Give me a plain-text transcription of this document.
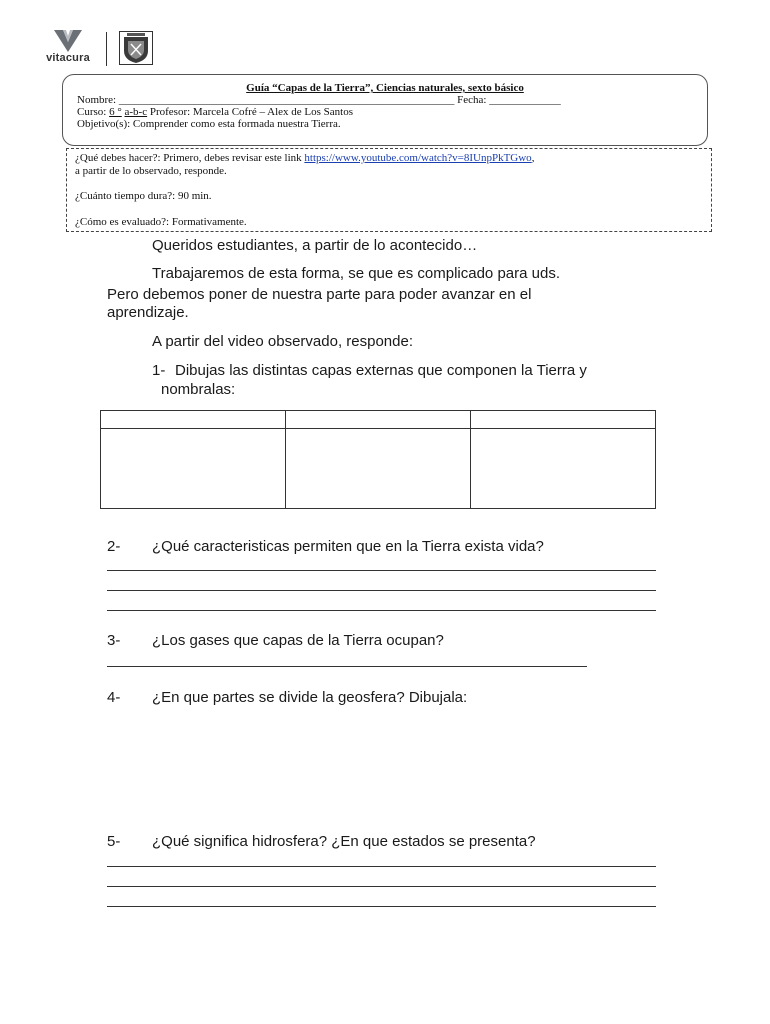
vitacura
Guía “Capas de la Tierra”, Ciencias naturales, sexto básico
Nombre: _____________________________________________________________ Fecha: _____________
Curso: 6 ° a-b-c Profesor: Marcela Cofré – Alex de Los Santos
Objetivo(s): Comprender como esta formada nuestra Tierra.
¿Qué debes hacer?: Primero, debes revisar este link https://www.youtube.com/watch?v=8IUnpPkTGwo,
a partir de lo observado, responde.
¿Cuánto tiempo dura?: 90 min.
¿Cómo es evaluado?: Formativamente.
Queridos estudiantes, a partir de lo acontecido…
Trabajaremos de esta forma, se que es complicado para uds.
Pero debemos poner de nuestra parte para poder avanzar en el
aprendizaje.
A partir del video observado, responde:
1- Dibujas las distintas capas externas que componen la Tierra y
nombralas:

2- ¿Qué caracteristicas permiten que en la Tierra exista vida?
3- ¿Los gases que capas de la Tierra ocupan?
4- ¿En que partes se divide la geosfera? Dibujala:
5- ¿Qué significa hidrosfera? ¿En que estados se presenta?
